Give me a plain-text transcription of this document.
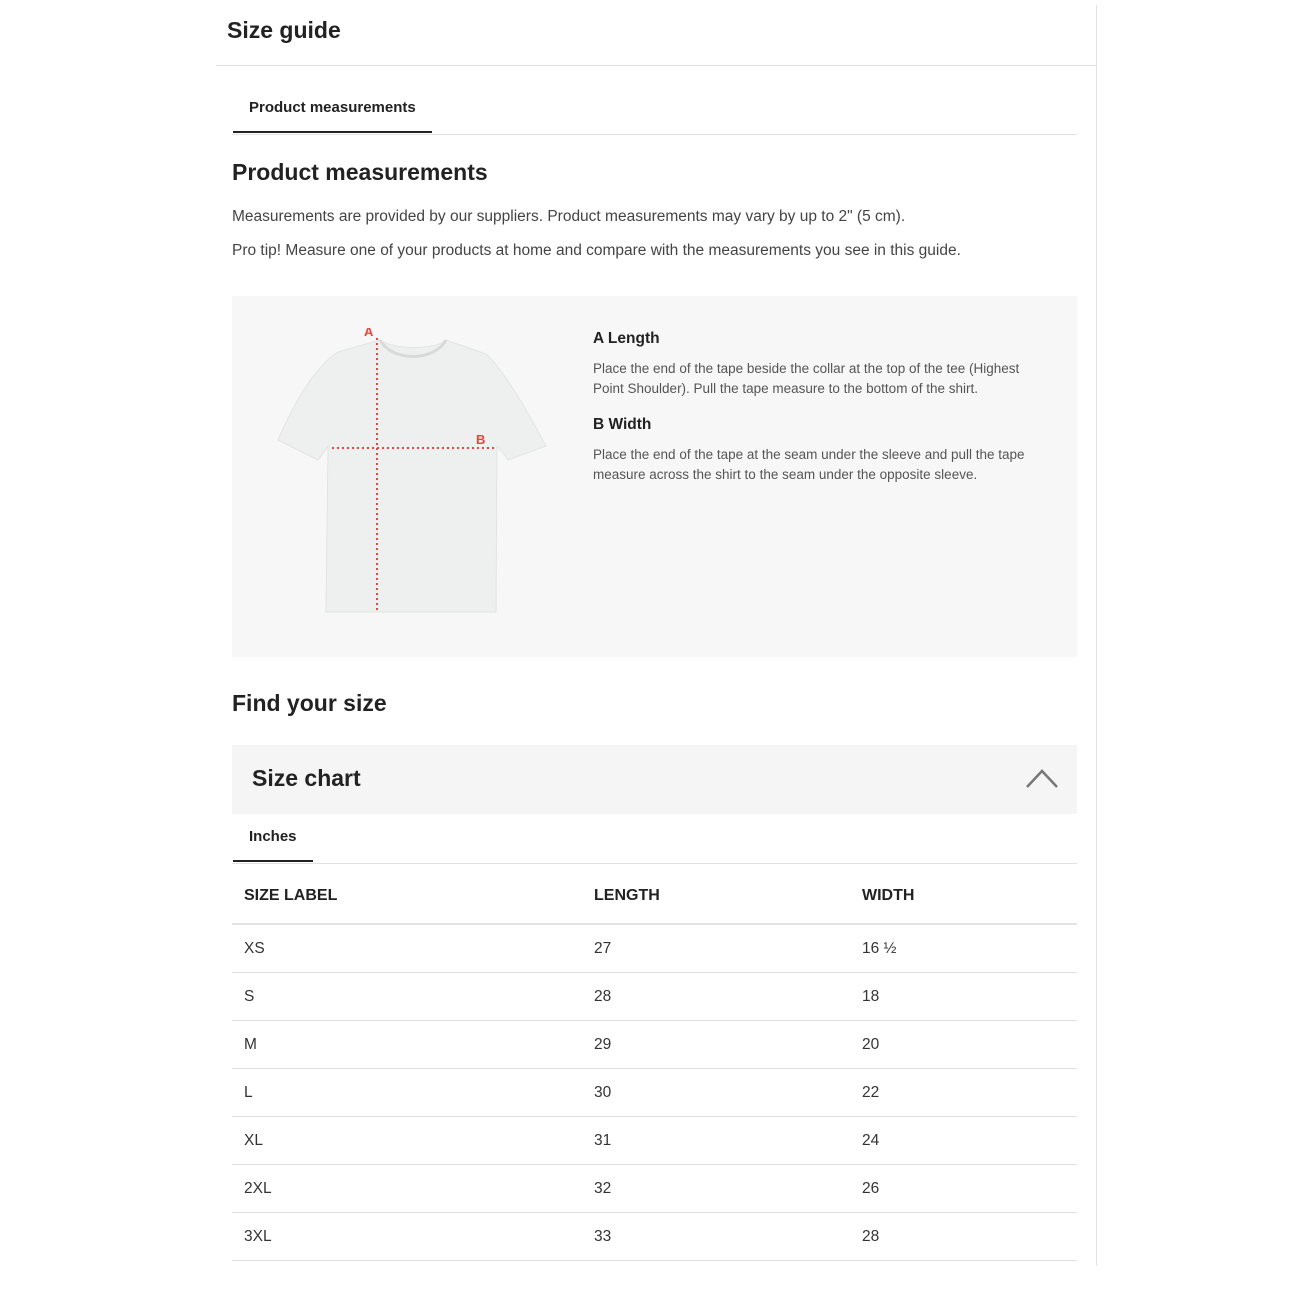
Size guide
Product measurements
Product measurements

Measurements are provided by our suppliers. Product measurements may vary by up to 2" (5 cm).

Pro tip! Measure one of your products at home and compare with the measurements you see in this guide.

A
B
A Length

Place the end of the tape beside the collar at the top of the tee (Highest Point Shoulder). Pull the tape measure to the bottom of the shirt.

B Width

Place the end of the tape at the seam under the sleeve and pull the tape measure across the shirt to the seam under the opposite sleeve.

Find your size
Size chart
Inches
SIZE LABEL	LENGTH	WIDTH
XS	27	16 ½
S	28	18
M	29	20
L	30	22
XL	31	24
2XL	32	26
3XL	33	28
